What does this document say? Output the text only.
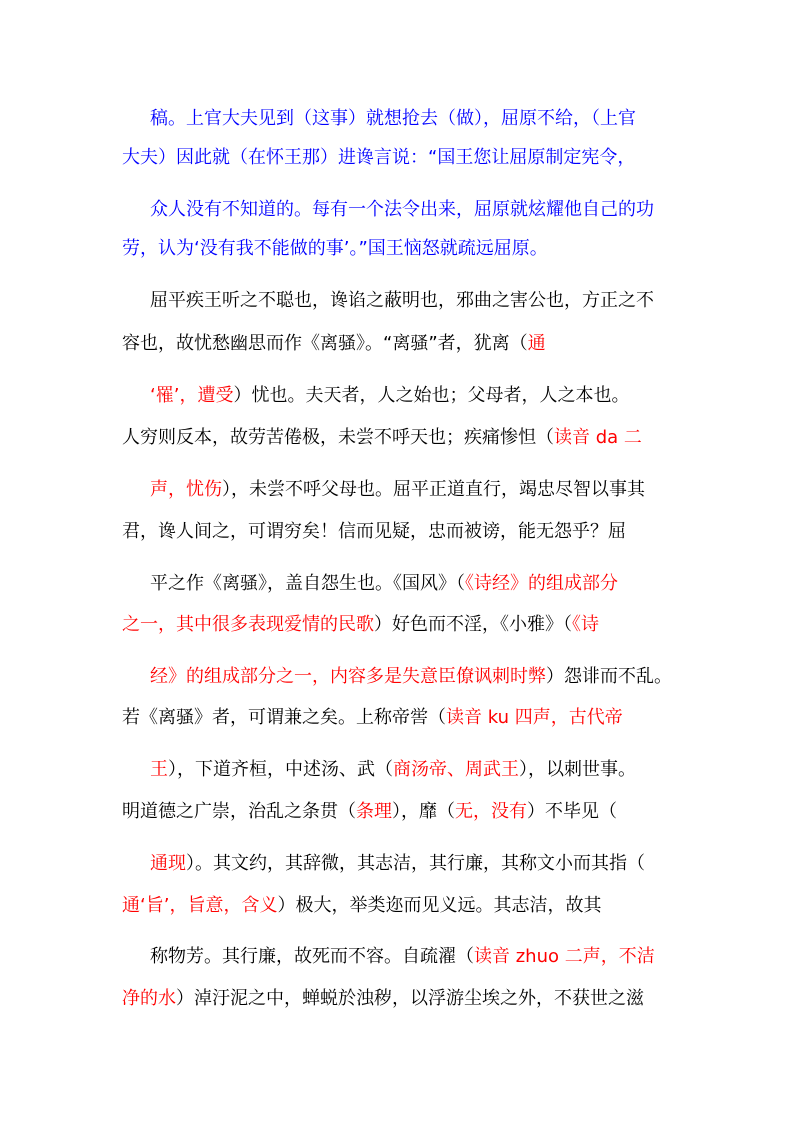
稿。上官大夫见到（这事）就想抢去（做），屈原不给，（上官
大夫）因此就（在怀王那）进谗言说：“国王您让屈原制定宪令，
众人没有不知道的。每有一个法令出来，屈原就炫耀他自己的功
劳，认为‘没有我不能做的事’。”国王恼怒就疏远屈原。
屈平疾王听之不聪也，谗谄之蔽明也，邪曲之害公也，方正之不
容也，故忧愁幽思而作《离骚》。“离骚”者，犹离（通
‘罹’，遭受）忧也。夫天者，人之始也；父母者，人之本也。
人穷则反本，故劳苦倦极，未尝不呼天也；疾痛惨怛（读音 da 二
声，忧伤），未尝不呼父母也。屈平正道直行，竭忠尽智以事其
君，谗人间之，可谓穷矣！信而见疑，忠而被谤，能无怨乎？屈
平之作《离骚》，盖自怨生也。《国风》（《诗经》的组成部分
之一，其中很多表现爱情的民歌）好色而不淫，《小雅》（《诗
经》的组成部分之一，内容多是失意臣僚讽刺时弊）怨诽而不乱。
若《离骚》者，可谓兼之矣。上称帝喾（读音 ku 四声，古代帝
王），下道齐桓，中述汤、武（商汤帝、周武王），以刺世事。
明道德之广崇，治乱之条贯（条理），靡（无，没有）不毕见（
通现）。其文约，其辞微，其志洁，其行廉，其称文小而其指（
通‘旨’，旨意，含义）极大，举类迩而见义远。其志洁，故其
称物芳。其行廉，故死而不容。自疏濯（读音 zhuo 二声，不洁
净的水）淖汙泥之中，蝉蜕於浊秽，以浮游尘埃之外，不获世之滋
